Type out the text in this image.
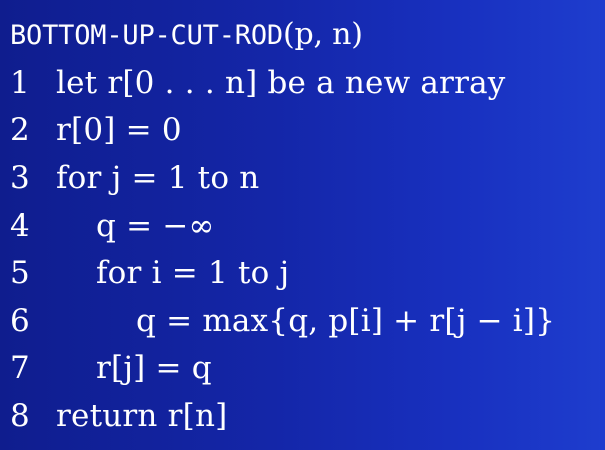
BOTTOM-UP-CUT-ROD(p, n)
1 let r[0 . . . n] be a new array
2 r[0] = 0
3 for j = 1 to n
4 q = −∞
5 for i = 1 to j
6	q = max{q, p[i] + r[j − i]}
7 r[j] = q
8 return r[n]
